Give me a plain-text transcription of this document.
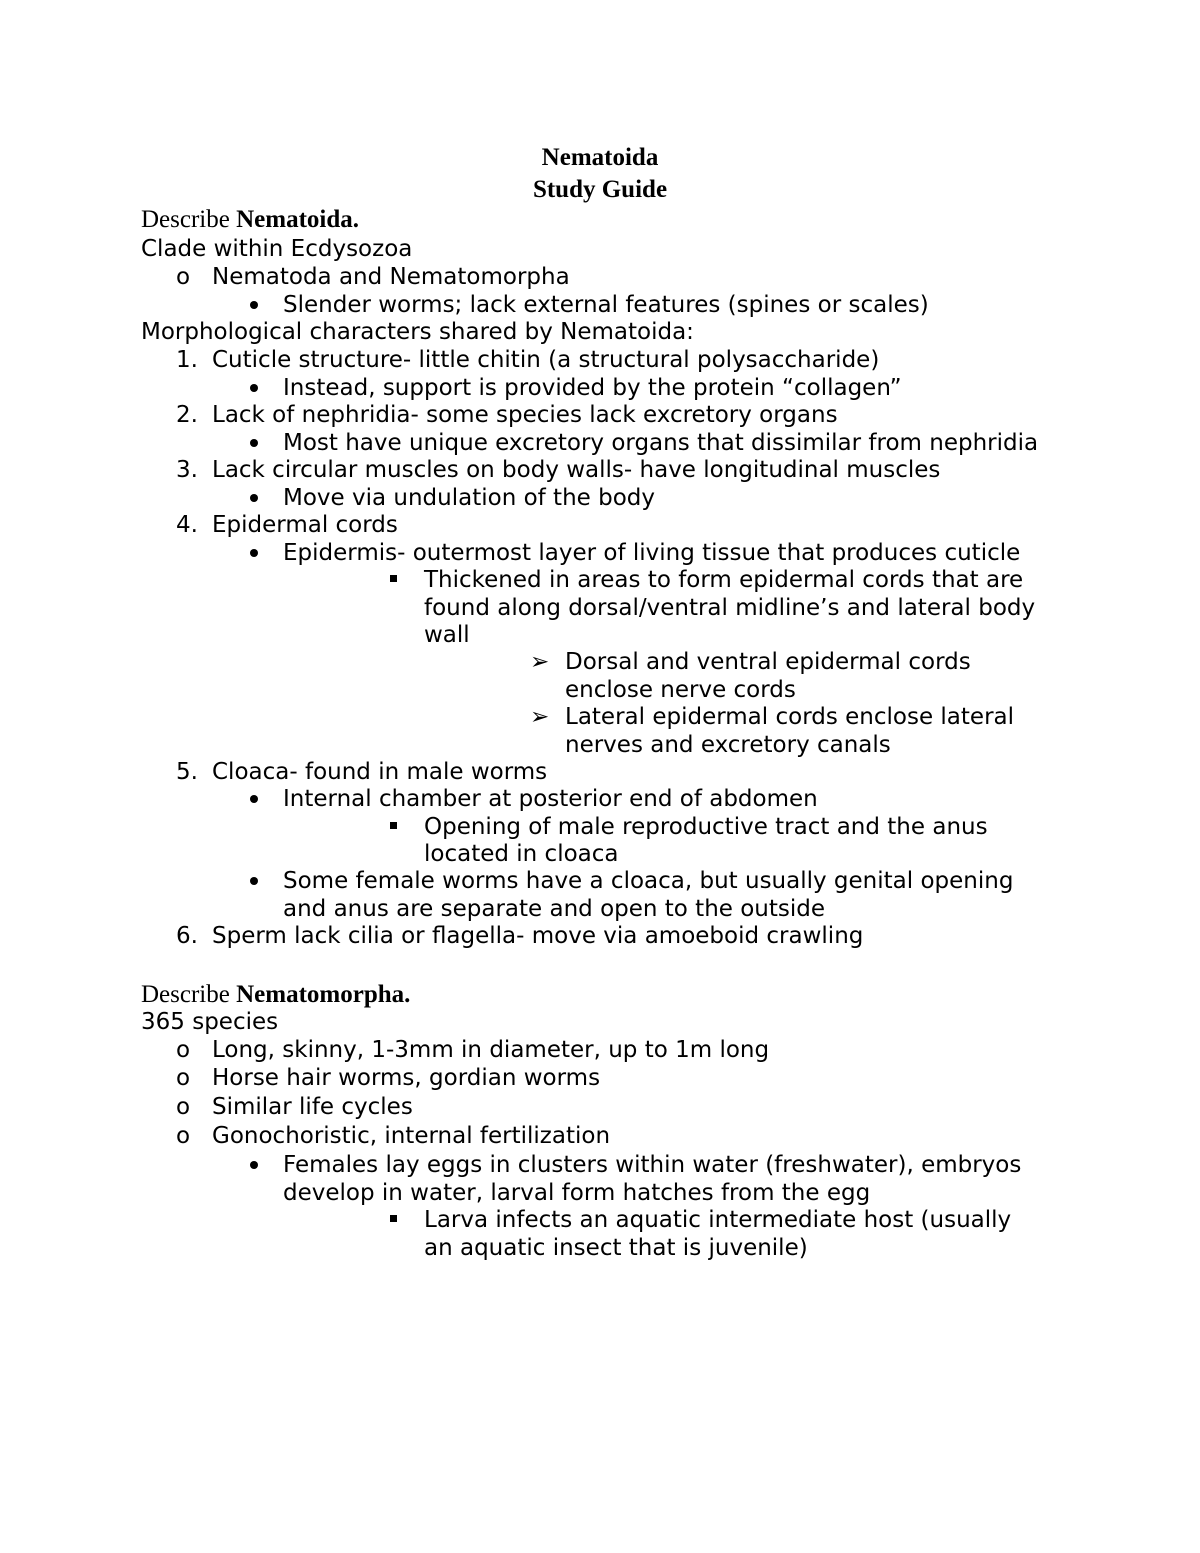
Nematoida
Study Guide
Describe Nematoida.
Clade within Ecdysozoa
o Nematoda and Nematomorpha
Slender worms; lack external features (spines or scales)
Morphological characters shared by Nematoida:
1. Cuticle structure- little chitin (a structural polysaccharide)
Instead, support is provided by the protein “collagen”
2. Lack of nephridia- some species lack excretory organs
Most have unique excretory organs that dissimilar from nephridia
3. Lack circular muscles on body walls- have longitudinal muscles
Move via undulation of the body
4. Epidermal cords
Epidermis- outermost layer of living tissue that produces cuticle
Thickened in areas to form epidermal cords that are
found along dorsal/ventral midline’s and lateral body
wall
➢ Dorsal and ventral epidermal cords
enclose nerve cords
➢ Lateral epidermal cords enclose lateral
nerves and excretory canals
5. Cloaca- found in male worms
Internal chamber at posterior end of abdomen
Opening of male reproductive tract and the anus
located in cloaca
Some female worms have a cloaca, but usually genital opening
and anus are separate and open to the outside
6. Sperm lack cilia or flagella- move via amoeboid crawling
Describe Nematomorpha.
365 species
o Long, skinny, 1-3mm in diameter, up to 1m long
o Horse hair worms, gordian worms
o Similar life cycles
o Gonochoristic, internal fertilization
Females lay eggs in clusters within water (freshwater), embryos
develop in water, larval form hatches from the egg
Larva infects an aquatic intermediate host (usually
an aquatic insect that is juvenile)
